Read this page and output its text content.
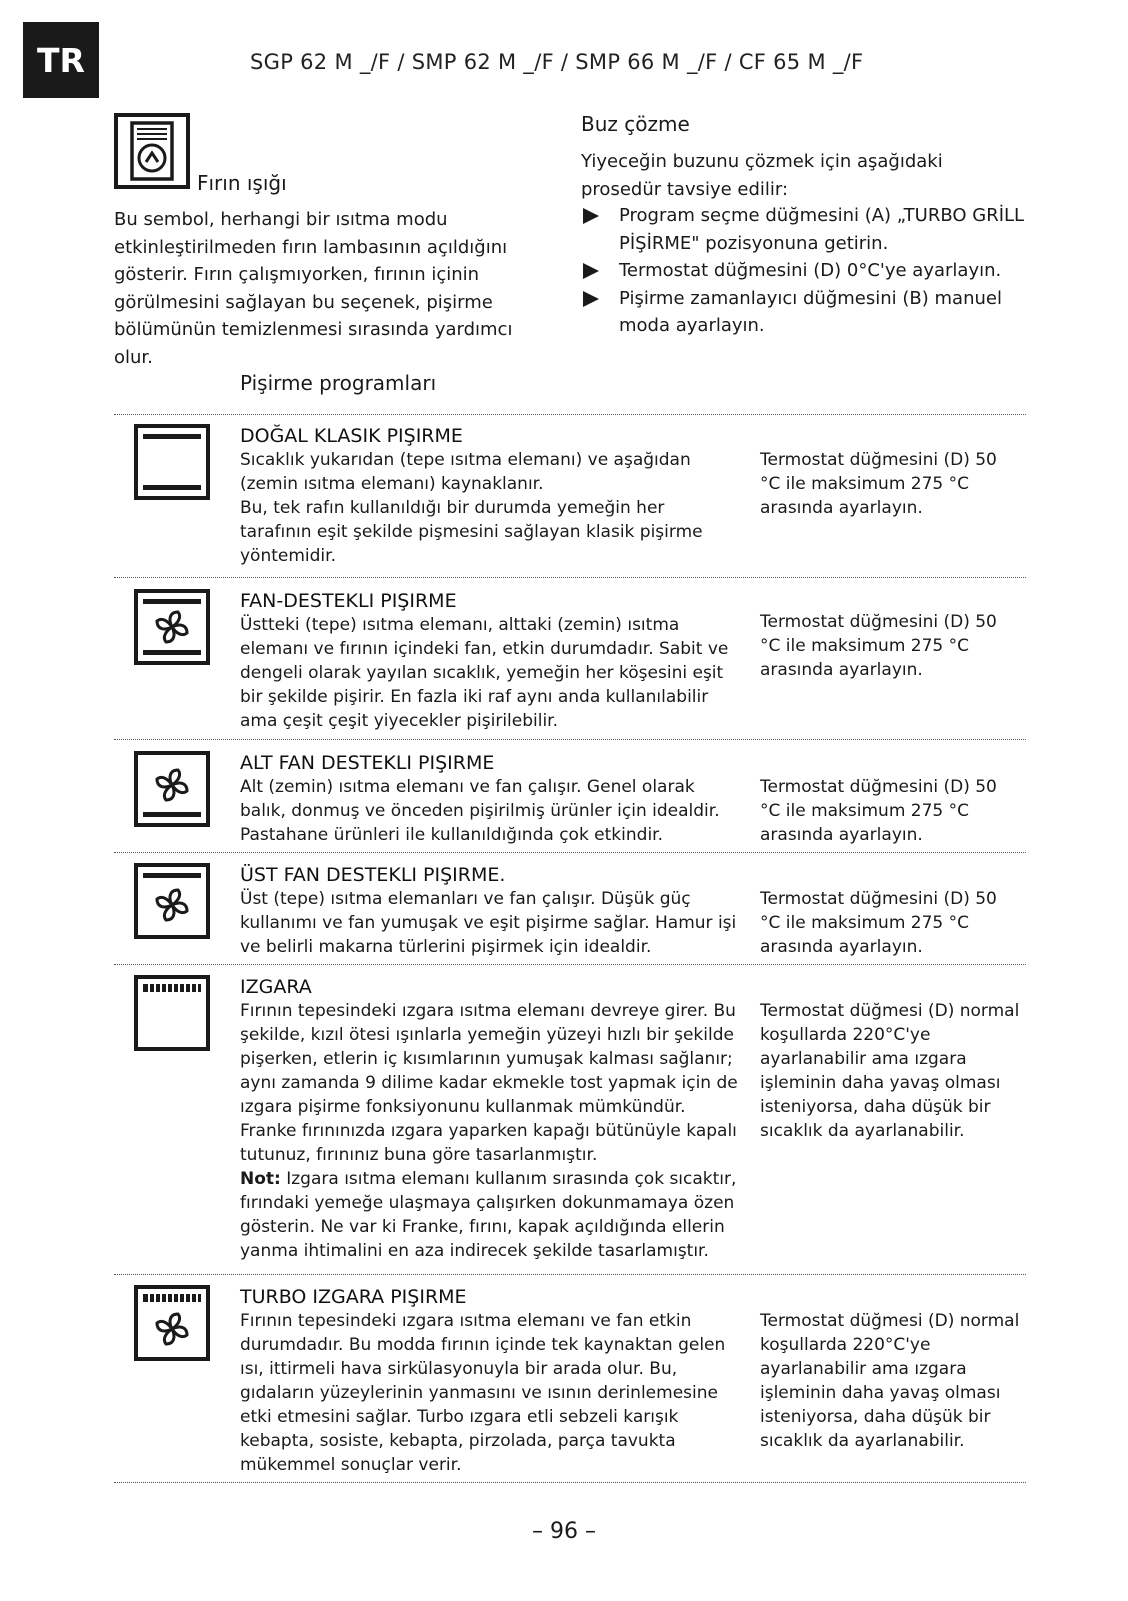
TR	SGP 62 M _/F / SMP 62 M _/F / SMP 66 M _/F / CF 65 M _/F
Fırın ışığı
Bu sembol, herhangi bir ısıtma modu etkinleştirilmeden fırın lambasının açıldığını gösterir. Fırın çalışmıyorken, fırının içinin görülmesini sağlayan bu seçenek, pişirme bölümünün temizlenmesi sırasında yardımcı olur.
Buz çözme
Yiyeceğin buzunu çözmek için aşağıdaki prosedür tavsiye edilir:
Program seçme düğmesini (A) „TURBO GRİLL PİŞİRME" pozisyonuna getirin.
Termostat düğmesini (D) 0°C'ye ayarlayın.
Pişirme zamanlayıcı düğmesini (B) manuel moda ayarlayın.
Pişirme programları
DOĞAL KLASIK PIŞIRME
Sıcaklık yukarıdan (tepe ısıtma elemanı) ve aşağıdan (zemin ısıtma elemanı) kaynaklanır.
Bu, tek rafın kullanıldığı bir durumda yemeğin her tarafının eşit şekilde pişmesini sağlayan klasik pişirme yöntemidir.
Termostat düğmesini (D) 50 °C ile maksimum 275 °C arasında ayarlayın.
FAN-DESTEKLI PIŞIRME
Üstteki (tepe) ısıtma elemanı, alttaki (zemin) ısıtma elemanı ve fırının içindeki fan, etkin durumdadır. Sabit ve dengeli olarak yayılan sıcaklık, yemeğin her köşesini eşit bir şekilde pişirir. En fazla iki raf aynı anda kullanılabilir ama çeşit çeşit yiyecekler pişirilebilir.
Termostat düğmesini (D) 50 °C ile maksimum 275 °C arasında ayarlayın.
ALT FAN DESTEKLI PIŞIRME
Alt (zemin) ısıtma elemanı ve fan çalışır. Genel olarak balık, donmuş ve önceden pişirilmiş ürünler için idealdir. Pastahane ürünleri ile kullanıldığında çok etkindir.
Termostat düğmesini (D) 50 °C ile maksimum 275 °C arasında ayarlayın.
ÜST FAN DESTEKLI PIŞIRME.
Üst (tepe) ısıtma elemanları ve fan çalışır. Düşük güç kullanımı ve fan yumuşak ve eşit pişirme sağlar. Hamur işi ve belirli makarna türlerini pişirmek için idealdir.
Termostat düğmesini (D) 50 °C ile maksimum 275 °C arasında ayarlayın.
IZGARA
Fırının tepesindeki ızgara ısıtma elemanı devreye girer. Bu şekilde, kızıl ötesi ışınlarla yemeğin yüzeyi hızlı bir şekilde pişerken, etlerin iç kısımlarının yumuşak kalması sağlanır; aynı zamanda 9 dilime kadar ekmekle tost yapmak için de ızgara pişirme fonksiyonunu kullanmak mümkündür. Franke fırınınızda ızgara yaparken kapağı bütünüyle kapalı tutunuz, fırınınız buna göre tasarlanmıştır.
Not: Izgara ısıtma elemanı kullanım sırasında çok sıcaktır, fırındaki yemeğe ulaşmaya çalışırken dokunmamaya özen gösterin. Ne var ki Franke, fırını, kapak açıldığında ellerin yanma ihtimalini en aza indirecek şekilde tasarlamıştır.
Termostat düğmesi (D) normal koşullarda 220°C'ye ayarlanabilir ama ızgara işleminin daha yavaş olması isteniyorsa, daha düşük bir sıcaklık da ayarlanabilir.
TURBO IZGARA PIŞIRME
Fırının tepesindeki ızgara ısıtma elemanı ve fan etkin durumdadır. Bu modda fırının içinde tek kaynaktan gelen ısı, ittirmeli hava sirkülasyonuyla bir arada olur. Bu, gıdaların yüzeylerinin yanmasını ve ısının derinlemesine etki etmesini sağlar. Turbo ızgara etli sebzeli karışık kebapta, sosiste, kebapta, pirzolada, parça tavukta mükemmel sonuçlar verir.
Termostat düğmesi (D) normal koşullarda 220°C'ye ayarlanabilir ama ızgara işleminin daha yavaş olması isteniyorsa, daha düşük bir sıcaklık da ayarlanabilir.
– 96 –
